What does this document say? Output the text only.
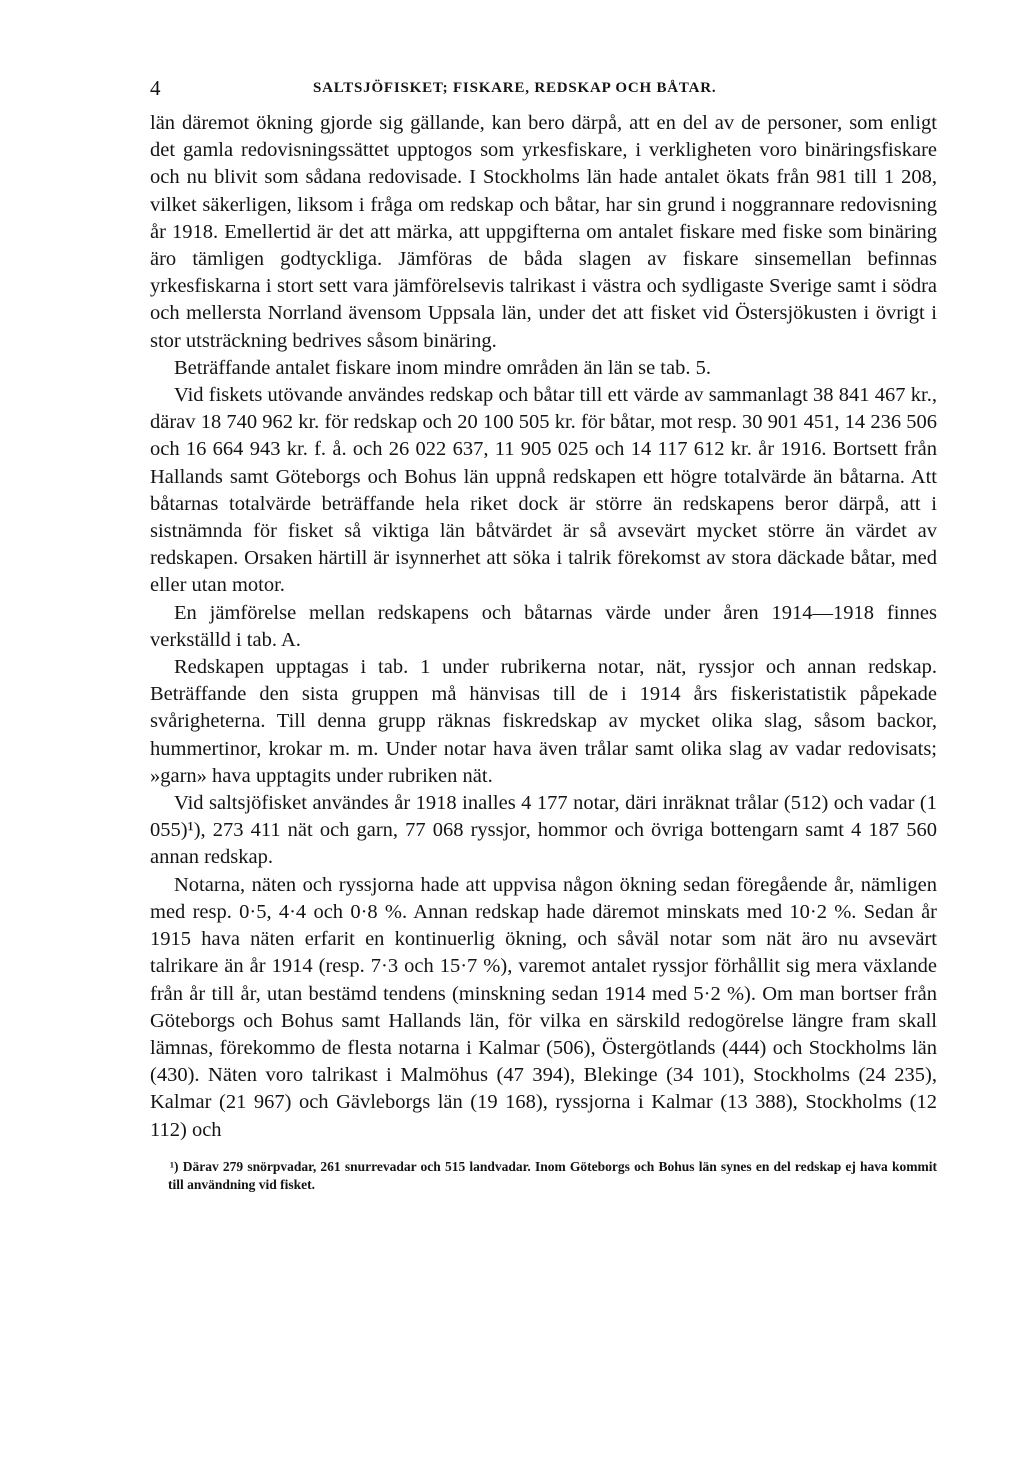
4	SALTSJÖFISKET; FISKARE, REDSKAP OCH BÅTAR.

län däremot ökning gjorde sig gällande, kan bero därpå, att en del av de personer, som enligt det gamla redovisningssättet upptogos som yrkesfiskare, i verkligheten voro binäringsfiskare och nu blivit som sådana redovisade. I Stockholms län hade antalet ökats från 981 till 1 208, vilket säkerligen, liksom i fråga om redskap och båtar, har sin grund i noggrannare redovisning år 1918. Emellertid är det att märka, att uppgifterna om antalet fiskare med fiske som binäring äro tämligen godtyckliga. Jämföras de båda slagen av fiskare sinsemellan befinnas yrkesfiskarna i stort sett vara jämförelsevis talrikast i västra och sydligaste Sverige samt i södra och mellersta Norrland ävensom Uppsala län, under det att fisket vid Östersjökusten i övrigt i stor utsträckning bedrives såsom binäring.

Beträffande antalet fiskare inom mindre områden än län se tab. 5.

Vid fiskets utövande användes redskap och båtar till ett värde av sammanlagt 38 841 467 kr., därav 18 740 962 kr. för redskap och 20 100 505 kr. för båtar, mot resp. 30 901 451, 14 236 506 och 16 664 943 kr. f. å. och 26 022 637, 11 905 025 och 14 117 612 kr. år 1916. Bortsett från Hallands samt Göteborgs och Bohus län uppnå redskapen ett högre totalvärde än båtarna. Att båtarnas totalvärde beträffande hela riket dock är större än redskapens beror därpå, att i sistnämnda för fisket så viktiga län båtvärdet är så avsevärt mycket större än värdet av redskapen. Orsaken härtill är isynnerhet att söka i talrik förekomst av stora däckade båtar, med eller utan motor.

En jämförelse mellan redskapens och båtarnas värde under åren 1914—1918 finnes verkställd i tab. A.

Redskapen upptagas i tab. 1 under rubrikerna notar, nät, ryssjor och annan redskap. Beträffande den sista gruppen må hänvisas till de i 1914 års fiskeristatistik påpekade svårigheterna. Till denna grupp räknas fiskredskap av mycket olika slag, såsom backor, hummertinor, krokar m. m. Under notar hava även trålar samt olika slag av vadar redovisats; »garn» hava upptagits under rubriken nät.

Vid saltsjöfisket användes år 1918 inalles 4 177 notar, däri inräknat trålar (512) och vadar (1 055)¹), 273 411 nät och garn, 77 068 ryssjor, hommor och övriga bottengarn samt 4 187 560 annan redskap.

Notarna, näten och ryssjorna hade att uppvisa någon ökning sedan föregående år, nämligen med resp. 0·5, 4·4 och 0·8 %. Annan redskap hade däremot minskats med 10·2 %. Sedan år 1915 hava näten erfarit en kontinuerlig ökning, och såväl notar som nät äro nu avsevärt talrikare än år 1914 (resp. 7·3 och 15·7 %), varemot antalet ryssjor förhållit sig mera växlande från år till år, utan bestämd tendens (minskning sedan 1914 med 5·2 %). Om man bortser från Göteborgs och Bohus samt Hallands län, för vilka en särskild redogörelse längre fram skall lämnas, förekommo de flesta notarna i Kalmar (506), Östergötlands (444) och Stockholms län (430). Näten voro talrikast i Malmöhus (47 394), Blekinge (34 101), Stockholms (24 235), Kalmar (21 967) och Gävleborgs län (19 168), ryssjorna i Kalmar (13 388), Stockholms (12 112) och

¹) Därav 279 snörpvadar, 261 snurrevadar och 515 landvadar. Inom Göteborgs och Bohus län synes en del redskap ej hava kommit till användning vid fisket.
